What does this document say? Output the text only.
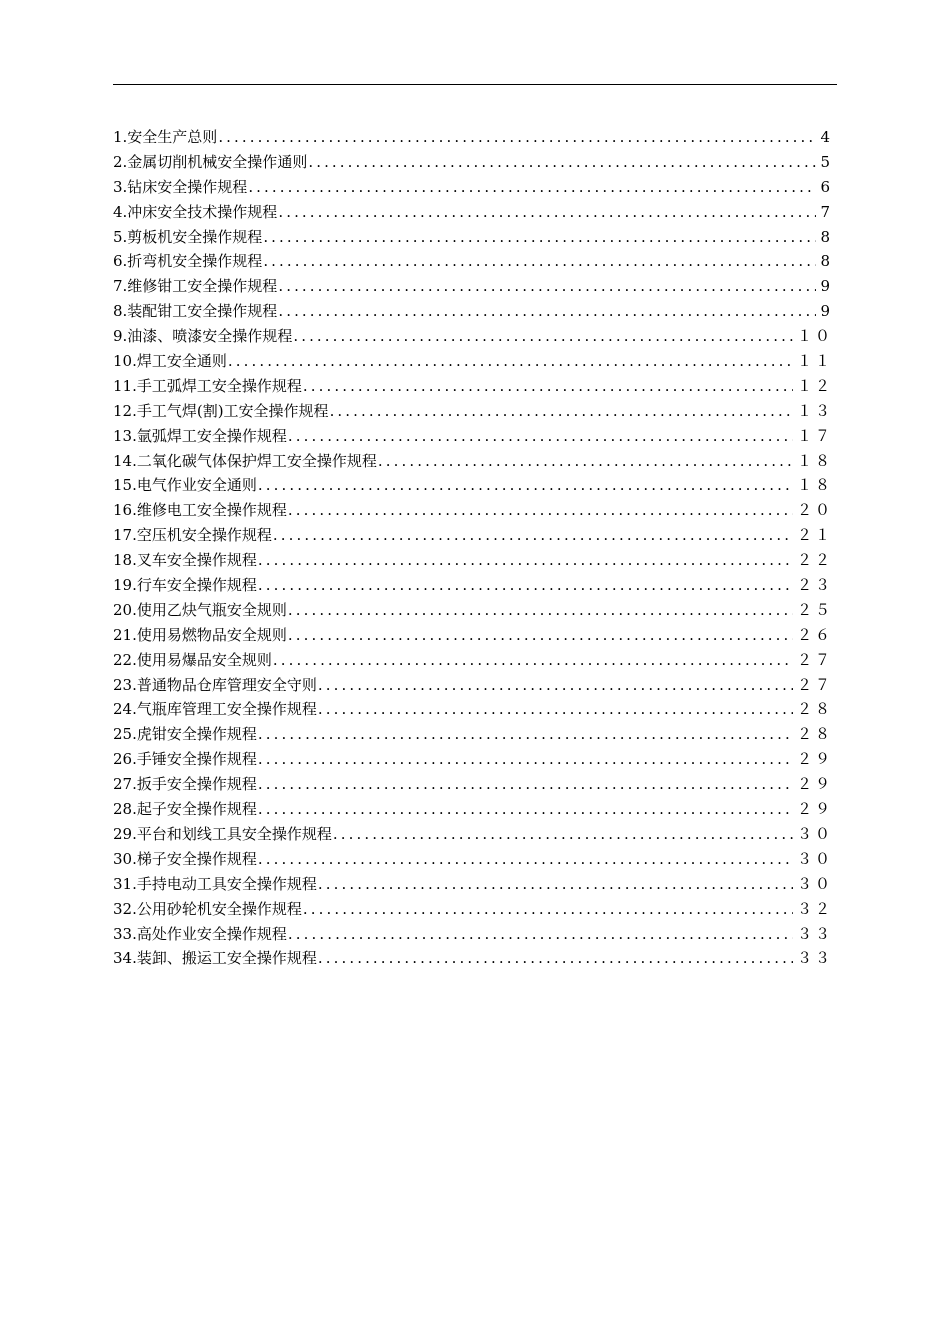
1.安全生产总则 .....	4
2.金属切削机械安全操作通则 .....	5
3.钻床安全操作规程 .....	6
4.冲床安全技术操作规程 .....	7
5.剪板机安全操作规程 .....	8
6.折弯机安全操作规程 .....	8
7.维修钳工安全操作规程 .....	9
8.装配钳工安全操作规程 .....	9
9.油漆、喷漆安全操作规程 .....	１０
10.焊工安全通则 .....	１１
11.手工弧焊工安全操作规程 .....	１２
12.手工气焊(割)工安全操作规程 .....	１３
13.氩弧焊工安全操作规程 .....	１７
14.二氧化碳气体保护焊工安全操作规程 .....	１８
15.电气作业安全通则 .....	１８
16.维修电工安全操作规程 .....	２０
17.空压机安全操作规程 .....	２１
18.叉车安全操作规程 .....	２２
19.行车安全操作规程 .....	２３
20.使用乙炔气瓶安全规则 .....	２５
21.使用易燃物品安全规则 .....	２６
22.使用易爆品安全规则 .....	２７
23.普通物品仓库管理安全守则 .....	２７
24.气瓶库管理工安全操作规程 .....	２８
25.虎钳安全操作规程 .....	２８
26.手锤安全操作规程 .....	２９
27.扳手安全操作规程 .....	２９
28.起子安全操作规程 .....	２９
29.平台和划线工具安全操作规程 .....	３０
30.梯子安全操作规程 .....	３０
31.手持电动工具安全操作规程 .....	３０
32.公用砂轮机安全操作规程 .....	３２
33.高处作业安全操作规程 .....	３３
34.装卸、搬运工安全操作规程 .....	３３
